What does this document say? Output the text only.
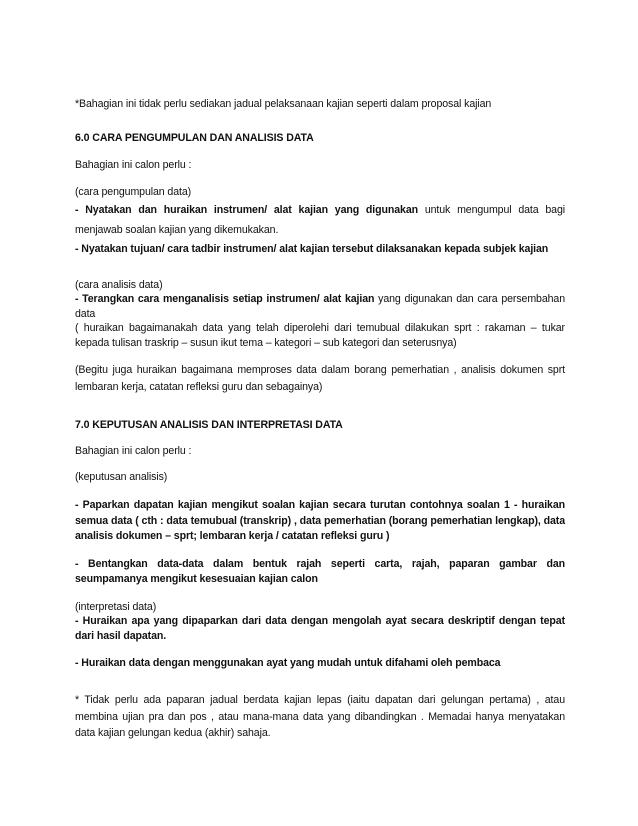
*Bahagian ini tidak perlu sediakan jadual pelaksanaan kajian seperti dalam proposal kajian

6.0 CARA PENGUMPULAN DAN ANALISIS DATA

Bahagian ini calon perlu :

(cara pengumpulan data)

- Nyatakan dan huraikan instrumen/ alat kajian yang digunakan untuk mengumpul data bagi menjawab soalan kajian yang dikemukakan.

- Nyatakan tujuan/ cara tadbir instrumen/ alat kajian tersebut dilaksanakan kepada subjek kajian

(cara analisis data)

- Terangkan cara menganalisis setiap instrumen/ alat kajian yang digunakan dan cara persembahan data

( huraikan bagaimanakah data yang telah diperolehi dari temubual dilakukan sprt : rakaman – tukar kepada tulisan traskrip – susun ikut tema – kategori – sub kategori dan seterusnya)

(Begitu juga huraikan bagaimana memproses data dalam borang pemerhatian , analisis dokumen sprt lembaran kerja, catatan refleksi guru dan sebagainya)

7.0 KEPUTUSAN ANALISIS DAN INTERPRETASI DATA

Bahagian ini calon perlu :

(keputusan analisis)

- Paparkan dapatan kajian mengikut soalan kajian secara turutan contohnya soalan 1 - huraikan semua data ( cth : data temubual (transkrip) , data pemerhatian (borang pemerhatian lengkap), data analisis dokumen – sprt; lembaran kerja / catatan refleksi guru )

- Bentangkan data-data dalam bentuk rajah seperti carta, rajah, paparan gambar dan seumpamanya mengikut kesesuaian kajian calon

(interpretasi data)

- Huraikan apa yang dipaparkan dari data dengan mengolah ayat secara deskriptif dengan tepat dari hasil dapatan.

- Huraikan data dengan menggunakan ayat yang mudah untuk difahami oleh pembaca

* Tidak perlu ada paparan jadual berdata kajian lepas (iaitu dapatan dari gelungan pertama) , atau membina ujian pra dan pos , atau mana-mana data yang dibandingkan . Memadai hanya menyatakan data kajian gelungan kedua (akhir) sahaja.
